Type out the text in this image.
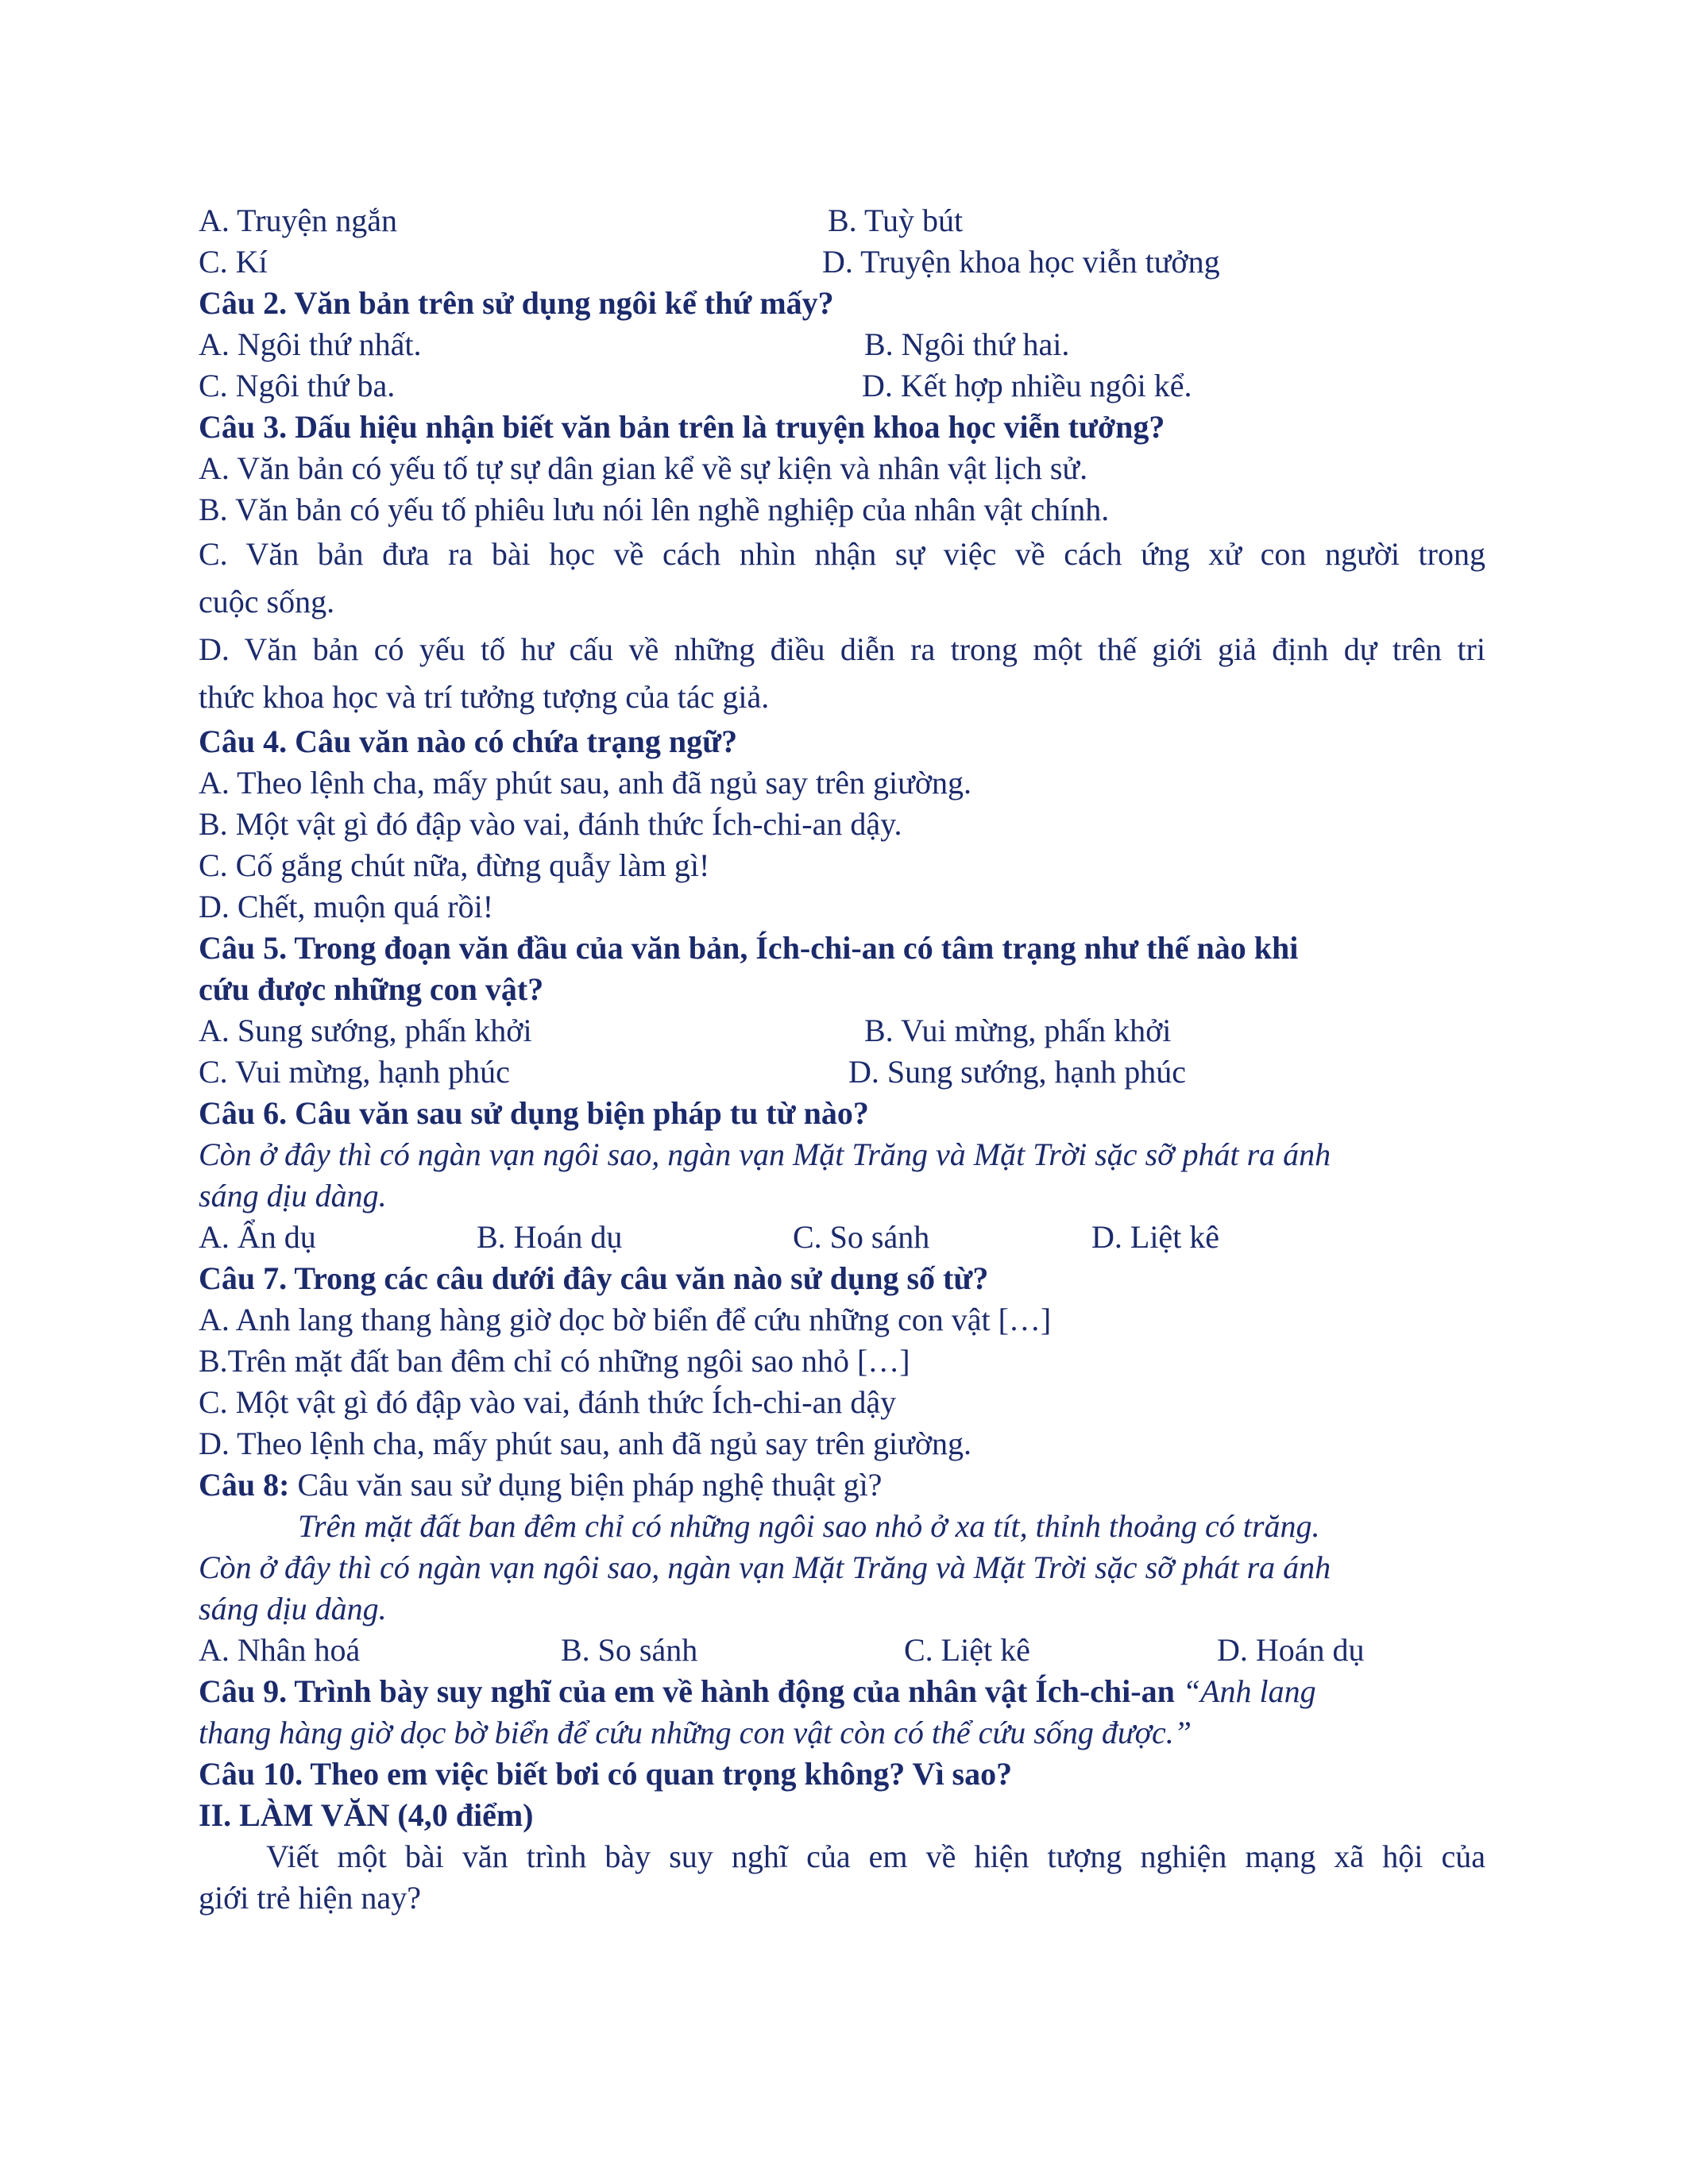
A. Truyện ngắn	B. Tuỳ bút
C. Kí	D. Truyện khoa học viễn tưởng
Câu 2. Văn bản trên sử dụng ngôi kể thứ mấy?
A. Ngôi thứ nhất.	B. Ngôi thứ hai.
C. Ngôi thứ ba.	D. Kết hợp nhiều ngôi kể.
Câu 3. Dấu hiệu nhận biết văn bản trên là truyện khoa học viễn tưởng?
A. Văn bản có yếu tố tự sự dân gian kể về sự kiện và nhân vật lịch sử.
B. Văn bản có yếu tố phiêu lưu nói lên nghề nghiệp của nhân vật chính.
C. Văn bản đưa ra bài học về cách nhìn nhận sự việc về cách ứng xử con người trong
cuộc sống.
D. Văn bản có yếu tố hư cấu về những điều diễn ra trong một thế giới giả định dự trên tri
thức khoa học và trí tưởng tượng của tác giả.
Câu 4. Câu văn nào có chứa trạng ngữ?
A. Theo lệnh cha, mấy phút sau, anh đã ngủ say trên giường.
B. Một vật gì đó đập vào vai, đánh thức Ích-chi-an dậy.
C. Cố gắng chút nữa, đừng quẫy làm gì!
D. Chết, muộn quá rồi!
Câu 5. Trong đoạn văn đầu của văn bản, Ích-chi-an có tâm trạng như thế nào khi
cứu được những con vật?
A. Sung sướng, phấn khởi	B. Vui mừng, phấn khởi
C. Vui mừng, hạnh phúc	D. Sung sướng, hạnh phúc
Câu 6. Câu văn sau sử dụng biện pháp tu từ nào?
Còn ở đây thì có ngàn vạn ngôi sao, ngàn vạn Mặt Trăng và Mặt Trời sặc sỡ phát ra ánh
sáng dịu dàng.
A. Ẩn dụ	B. Hoán dụ	C. So sánh	D. Liệt kê
Câu 7. Trong các câu dưới đây câu văn nào sử dụng số từ?
A. Anh lang thang hàng giờ dọc bờ biển để cứu những con vật […]
B.Trên mặt đất ban đêm chỉ có những ngôi sao nhỏ […]
C. Một vật gì đó đập vào vai, đánh thức Ích-chi-an dậy
D. Theo lệnh cha, mấy phút sau, anh đã ngủ say trên giường.
Câu 8: Câu văn sau sử dụng biện pháp nghệ thuật gì?
Trên mặt đất ban đêm chỉ có những ngôi sao nhỏ ở xa tít, thỉnh thoảng có trăng.
Còn ở đây thì có ngàn vạn ngôi sao, ngàn vạn Mặt Trăng và Mặt Trời sặc sỡ phát ra ánh
sáng dịu dàng.
A. Nhân hoá	B. So sánh	C. Liệt kê	D. Hoán dụ
Câu 9. Trình bày suy nghĩ của em về hành động của nhân vật Ích-chi-an “Anh lang
thang hàng giờ dọc bờ biển để cứu những con vật còn có thể cứu sống được.”
Câu 10. Theo em việc biết bơi có quan trọng không? Vì sao?
II. LÀM VĂN (4,0 điểm)
Viết một bài văn trình bày suy nghĩ của em về hiện tượng nghiện mạng xã hội của
giới trẻ hiện nay?
